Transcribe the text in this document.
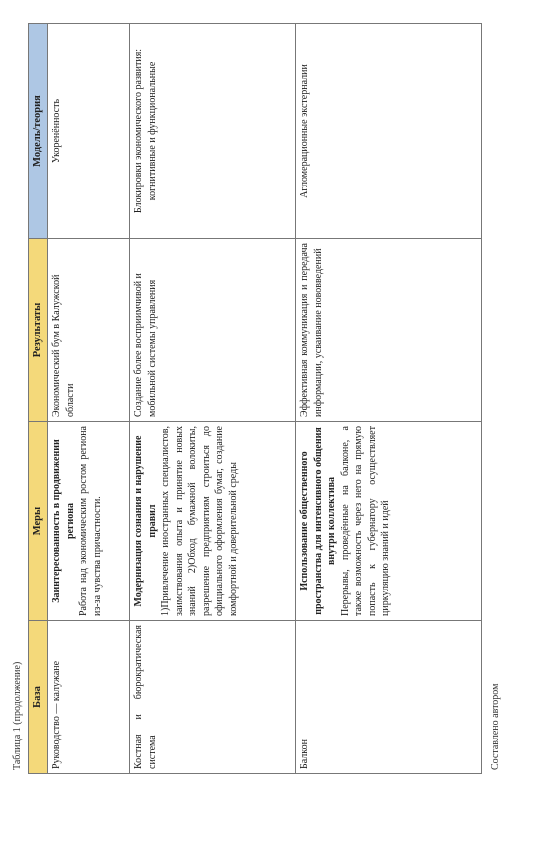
Таблица 1 (продолжение) База	Меры	Результаты	Модель/теория
Руководство — калужане	Заинтересованность в продвижении региона Работа над экономическим ростом региона из-за чувства причастности.	Экономический бум в Калужской области	Укоренённость
Костная и бюрократическая система	Модернизация сознания и нарушение правил 1)Привлечение иностранных специалистов, заимствования опыта и принятие новых знаний 2)Обход бумажной волокиты, разрешение предприятиям строиться до официального оформления бумаг, создание комфортной и доверительной среды	Создание более восприимчивой и мобильной системы управления	Блокировки экономического развития: когнитивные и функциональные
Балкон	Использование общественного пространства для интенсивного общения внутри коллектива Перерывы, проведённые на балконе, а также возможность через него на прямую попасть к губернатору осуществляет циркуляцию знаний и идей	Эффективная коммуникация и передача информации, усваивание нововведений	Агломерационные экстерналии
Составлено автором
